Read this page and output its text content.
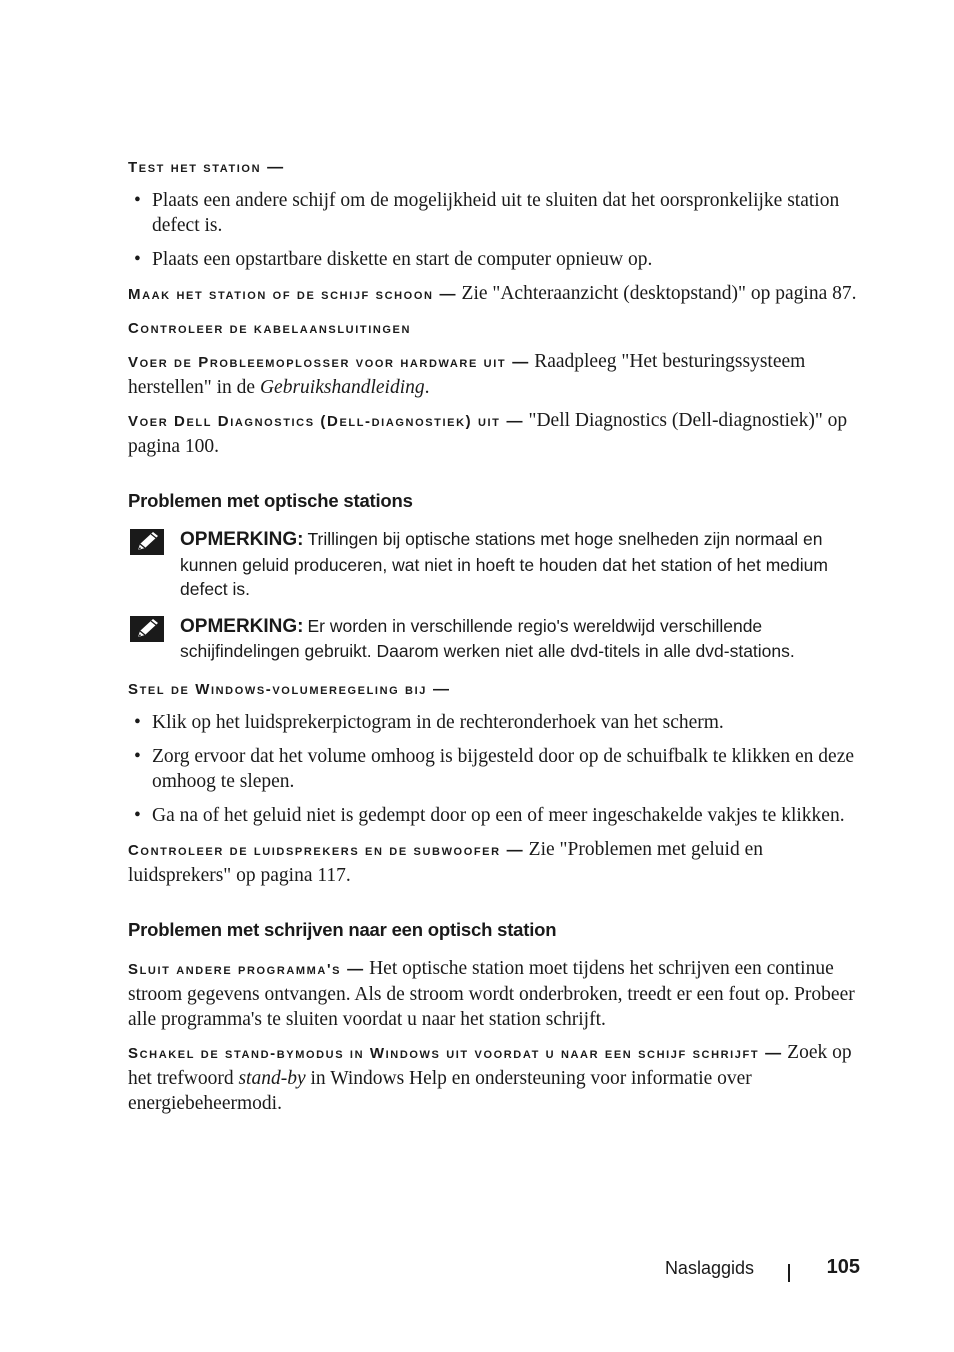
Test het station —

• Plaats een andere schijf om de mogelijkheid uit te sluiten dat het oorspronkelijke station defect is.
• Plaats een opstartbare diskette en start de computer opnieuw op.

Maak het station of de schijf schoon — Zie "Achteraanzicht (desktopstand)" op pagina 87.

Controleer de kabelaansluitingen

Voer de Probleemoplosser voor hardware uit — Raadpleeg "Het besturingssysteem herstellen" in de Gebruikshandleiding.

Voer Dell Diagnostics (Dell-diagnostiek) uit — "Dell Diagnostics (Dell-diagnostiek)" op pagina 100.

Problemen met optische stations
OPMERKING: Trillingen bij optische stations met hoge snelheden zijn normaal en kunnen geluid produceren, wat niet in hoeft te houden dat het station of het medium defect is.
OPMERKING: Er worden in verschillende regio's wereldwijd verschillende schijfindelingen gebruikt. Daarom werken niet alle dvd-titels in alle dvd-stations.

Stel de Windows-volumeregeling bij —

• Klik op het luidsprekerpictogram in de rechteronderhoek van het scherm.
• Zorg ervoor dat het volume omhoog is bijgesteld door op de schuifbalk te klikken en deze omhoog te slepen.
• Ga na of het geluid niet is gedempt door op een of meer ingeschakelde vakjes te klikken.

Controleer de luidsprekers en de subwoofer — Zie "Problemen met geluid en luidsprekers" op pagina 117.

Problemen met schrijven naar een optisch station

Sluit andere programma's — Het optische station moet tijdens het schrijven een continue stroom gegevens ontvangen. Als de stroom wordt onderbroken, treedt er een fout op. Probeer alle programma's te sluiten voordat u naar het station schrijft.

Schakel de stand-bymodus in Windows uit voordat u naar een schijf schrijft — Zoek op het trefwoord stand-by in Windows Help en ondersteuning voor informatie over energiebeheermodi.

Naslaggids	105
